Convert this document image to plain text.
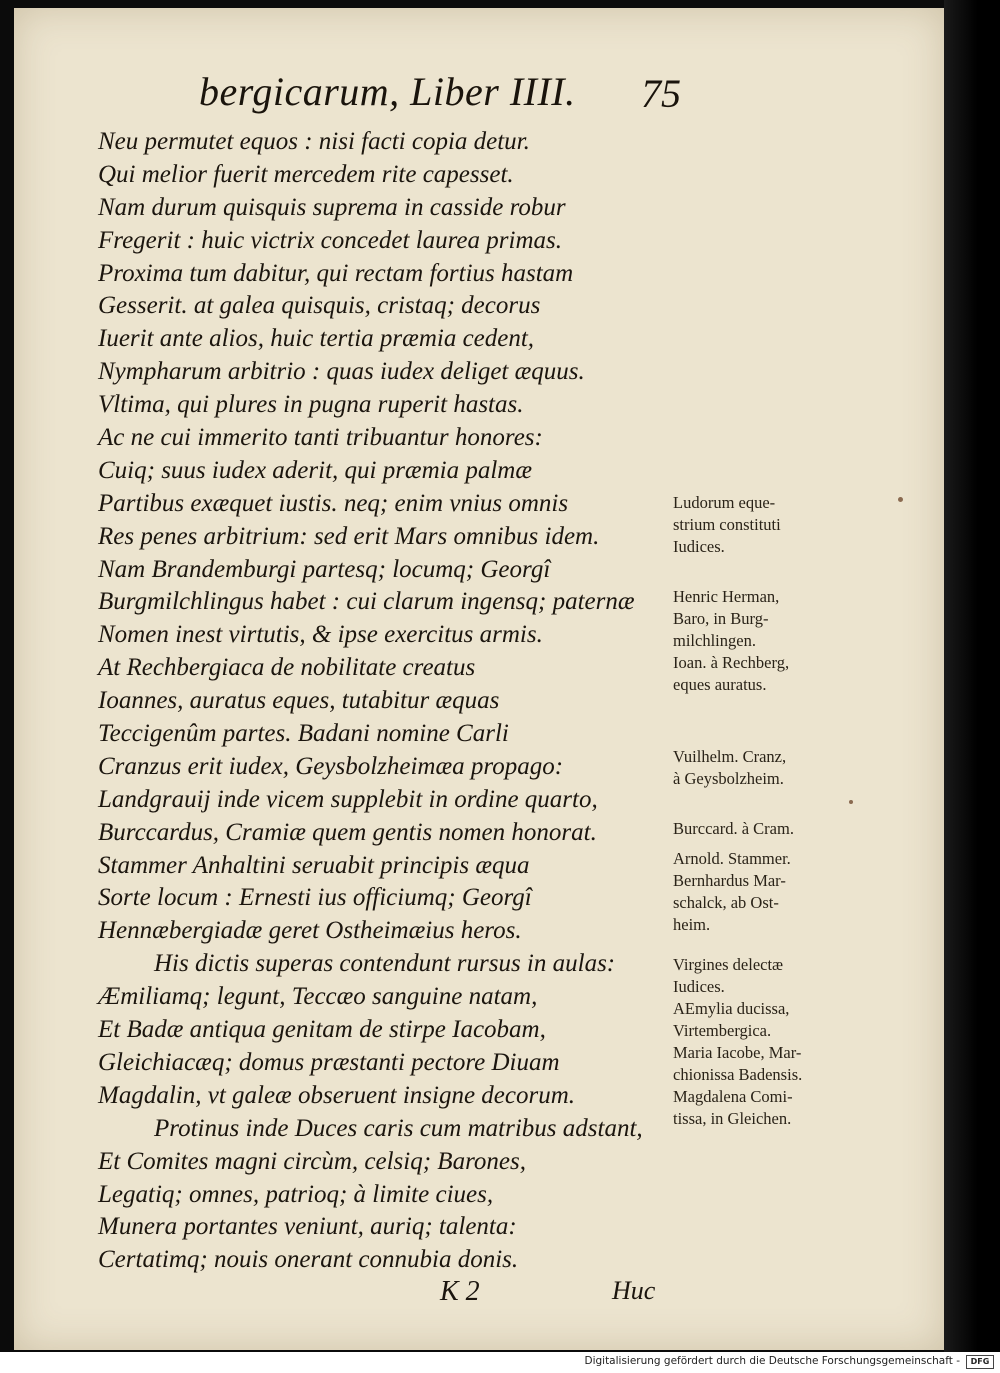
bergicarum, Liber IIII. 75
Neu permutet equos : nisi facti copia detur.
Qui melior fuerit mercedem rite capesset.
Nam durum quisquis suprema in casside robur
Fregerit : huic victrix concedet laurea primas.
Proxima tum dabitur, qui rectam fortius hastam
Gesserit. at galea quisquis, cristaq; decorus
Iuerit ante alios, huic tertia præmia cedent,
Nympharum arbitrio : quas iudex deliget æquus.
Vltima, qui plures in pugna ruperit hastas.
Ac ne cui immerito tanti tribuantur honores:
Cuiq; suus iudex aderit, qui præmia palmæ
Partibus exæquet iustis. neq; enim vnius omnis
Res penes arbitrium: sed erit Mars omnibus idem.
Nam Brandemburgi partesq; locumq; Georgî
Burgmilchlingus habet : cui clarum ingensq; paternæ
Nomen inest virtutis, & ipse exercitus armis.
At Rechbergiaca de nobilitate creatus
Ioannes, auratus eques, tutabitur æquas
Teccigenûm partes. Badani nomine Carli
Cranzus erit iudex, Geysbolzheimæa propago:
Landgrauij inde vicem supplebit in ordine quarto,
Burccardus, Cramiæ quem gentis nomen honorat.
Stammer Anhaltini seruabit principis æqua
Sorte locum : Ernesti ius officiumq; Georgî
Hennæbergiadæ geret Ostheimæius heros.
His dictis superas contendunt rursus in aulas:
Æmiliamq; legunt, Teccæo sanguine natam,
Et Badæ antiqua genitam de stirpe Iacobam,
Gleichiacæq; domus præstanti pectore Diuam
Magdalin, vt galeæ obseruent insigne decorum.
Protinus inde Duces caris cum matribus adstant,
Et Comites magni circùm, celsiq; Barones,
Legatiq; omnes, patrioq; à limite ciues,
Munera portantes veniunt, auriq; talenta:
Certatimq; nouis onerant connubia donis.
Ludorum eque-
strium constituti
Iudices.
Henric Herman,
Baro, in Burg-
milchlingen.
Ioan. à Rechberg,
eques auratus.
Vuilhelm. Cranz,
à Geysbolzheim.
Burccard. à Cram.
Arnold. Stammer.
Bernhardus Mar-
schalck, ab Ost-
heim.
Virgines delectæ
Iudices.
AEmylia ducissa,
Virtembergica.
Maria Iacobe, Mar-
chionissa Badensis.
Magdalena Comi-
tissa, in Gleichen.
K 2	Huc
Digitalisierung gefördert durch die Deutsche Forschungsgemeinschaft -	DFG
